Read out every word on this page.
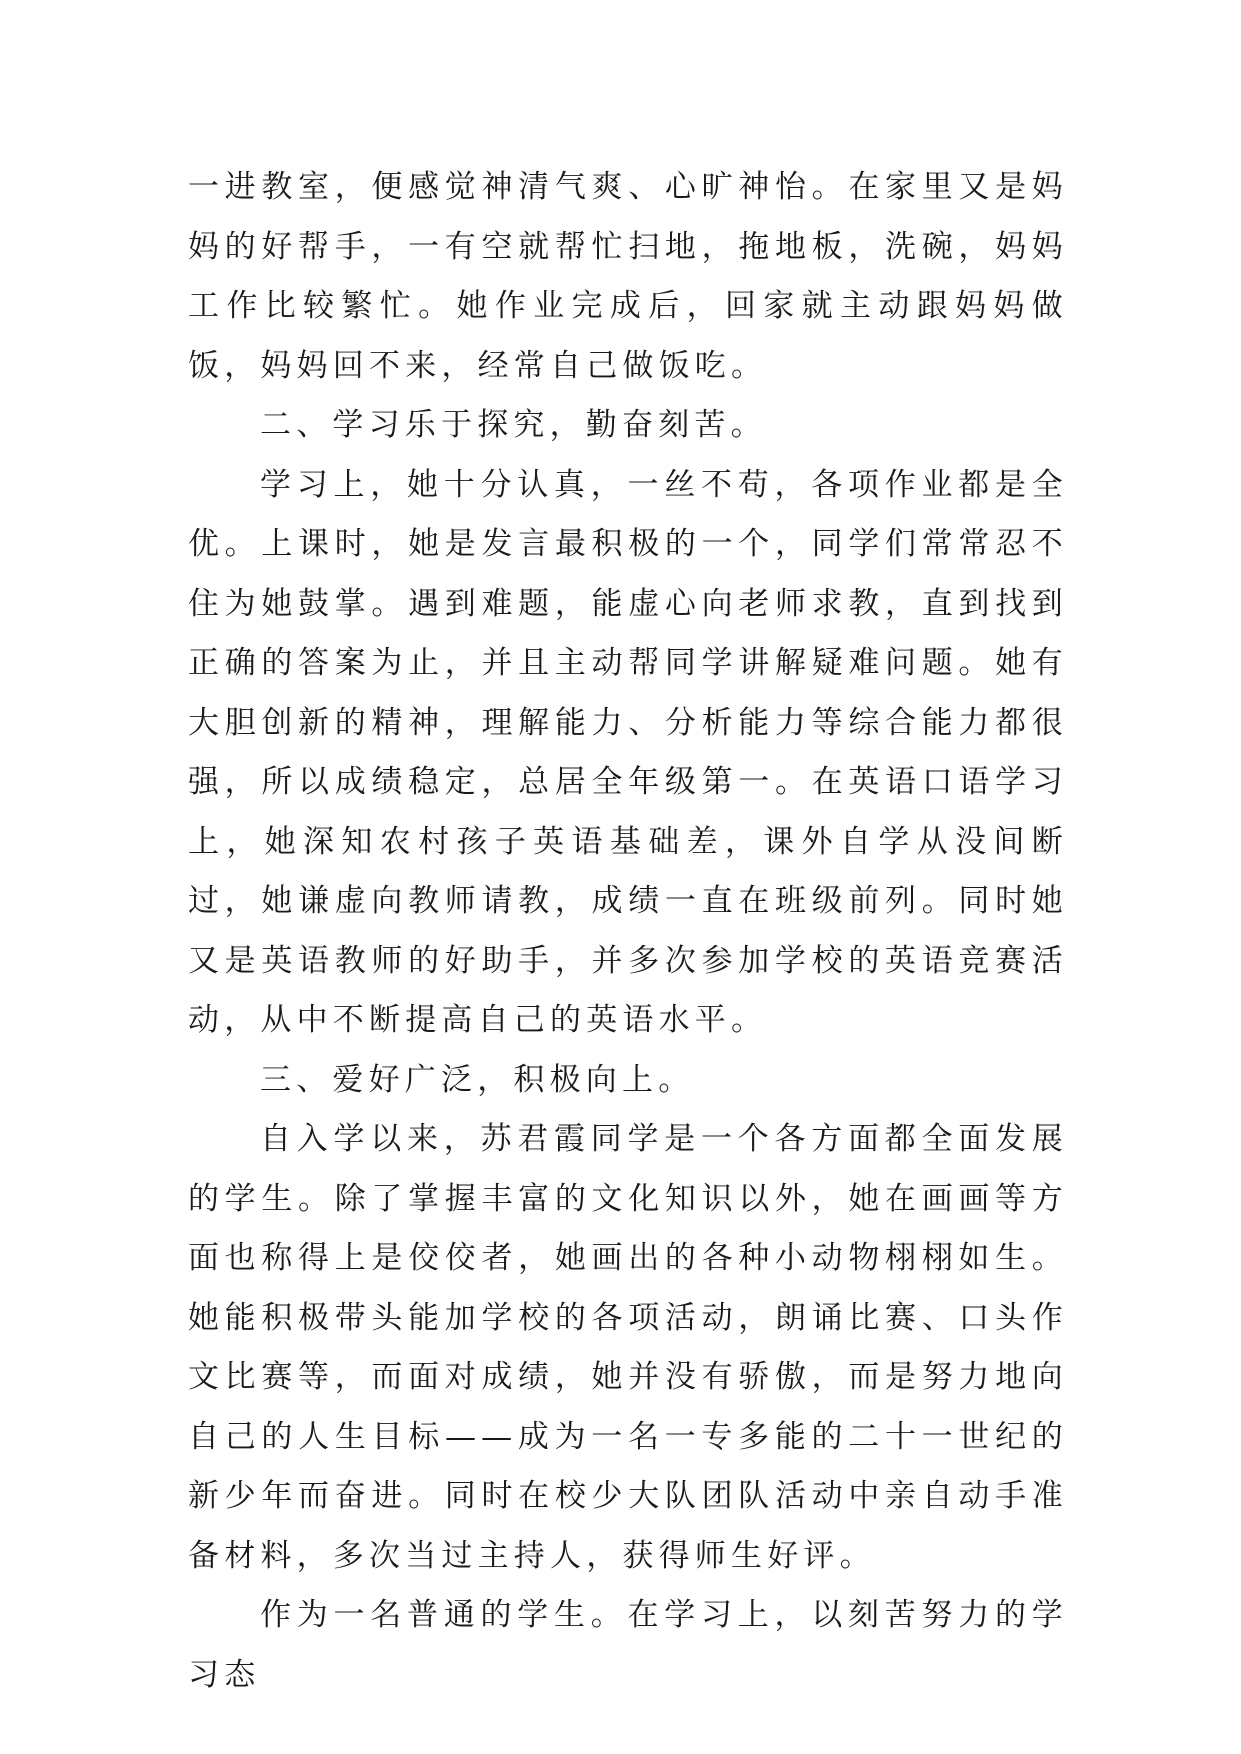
一进教室，便感觉神清气爽、心旷神怡。在家里又是妈妈的好帮手，一有空就帮忙扫地，拖地板，洗碗，妈妈工作比较繁忙。她作业完成后，回家就主动跟妈妈做饭，妈妈回不来，经常自己做饭吃。

二、学习乐于探究，勤奋刻苦。

学习上，她十分认真，一丝不苟，各项作业都是全优。上课时，她是发言最积极的一个，同学们常常忍不住为她鼓掌。遇到难题，能虚心向老师求教，直到找到正确的答案为止，并且主动帮同学讲解疑难问题。她有大胆创新的精神，理解能力、分析能力等综合能力都很强，所以成绩稳定，总居全年级第一。在英语口语学习上，她深知农村孩子英语基础差，课外自学从没间断过，她谦虚向教师请教，成绩一直在班级前列。同时她又是英语教师的好助手，并多次参加学校的英语竞赛活动，从中不断提高自己的英语水平。

三、爱好广泛，积极向上。

自入学以来，苏君霞同学是一个各方面都全面发展的学生。除了掌握丰富的文化知识以外，她在画画等方面也称得上是佼佼者，她画出的各种小动物栩栩如生。她能积极带头能加学校的各项活动，朗诵比赛、口头作文比赛等，而面对成绩，她并没有骄傲，而是努力地向自己的人生目标——成为一名一专多能的二十一世纪的新少年而奋进。同时在校少大队团队活动中亲自动手准备材料，多次当过主持人，获得师生好评。

作为一名普通的学生。在学习上，以刻苦努力的学习态
